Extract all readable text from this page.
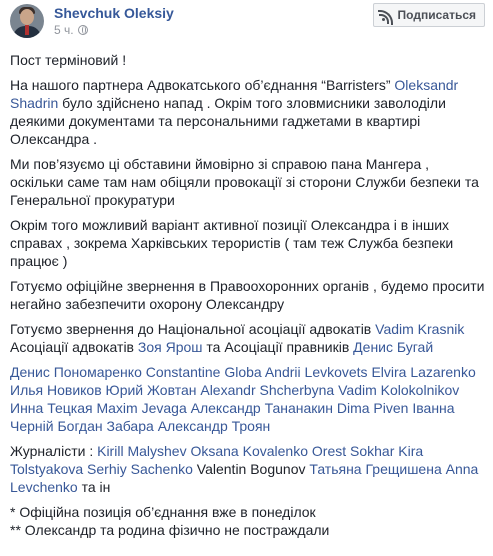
Shevchuk Oleksiy
5 ч.
Подписаться

Пост терміновий !

На нашого партнера Адвокатського об’єднання “Barristers” Oleksandr Shadrin було здійснено напад . Окрім того зловмисники заволоділи деякими документами та персональними гаджетами в квартирі Олександра .

Ми пов’язуємо ці обставини ймовірно зі справою пана Мангера , оскільки саме там нам обіцяли провокації зі сторони Служби безпеки та Генеральної прокуратури

Окрім того можливий варіант активної позиції Олександра і в інших справах , зокрема Харківських терористів ( там теж Служба безпеки працює )

Готуємо офіційне звернення в Правоохоронних органів , будемо просити негайно забезпечити охорону Олександру

Готуємо звернення до Національної асоціації адвокатів Vadim Krasnik Асоціації адвокатів Зоя Ярош та Асоціації правників Денис Бугай

Денис Пономаренко Constantine Globa Andrii Levkovets Elvira Lazarenko Илья Новиков Юрий Жовтан Alexandr Shcherbyna Vadim Kolokolnikov Инна Тецкая Maxim Jevaga Александр Тананакин Dima Piven Іванна Черній Богдан Забара Александр Троян

Журналісти : Kirill Malyshev Oksana Kovalenko Orest Sokhar Kira Tolstyakova Serhiy Sachenko Valentin Bogunov Татьяна Грещишена Anna Levchenko та ін

* Офіційна позиція об’єднання вже в понеділок

** Олександр та родина фізично не постраждали
